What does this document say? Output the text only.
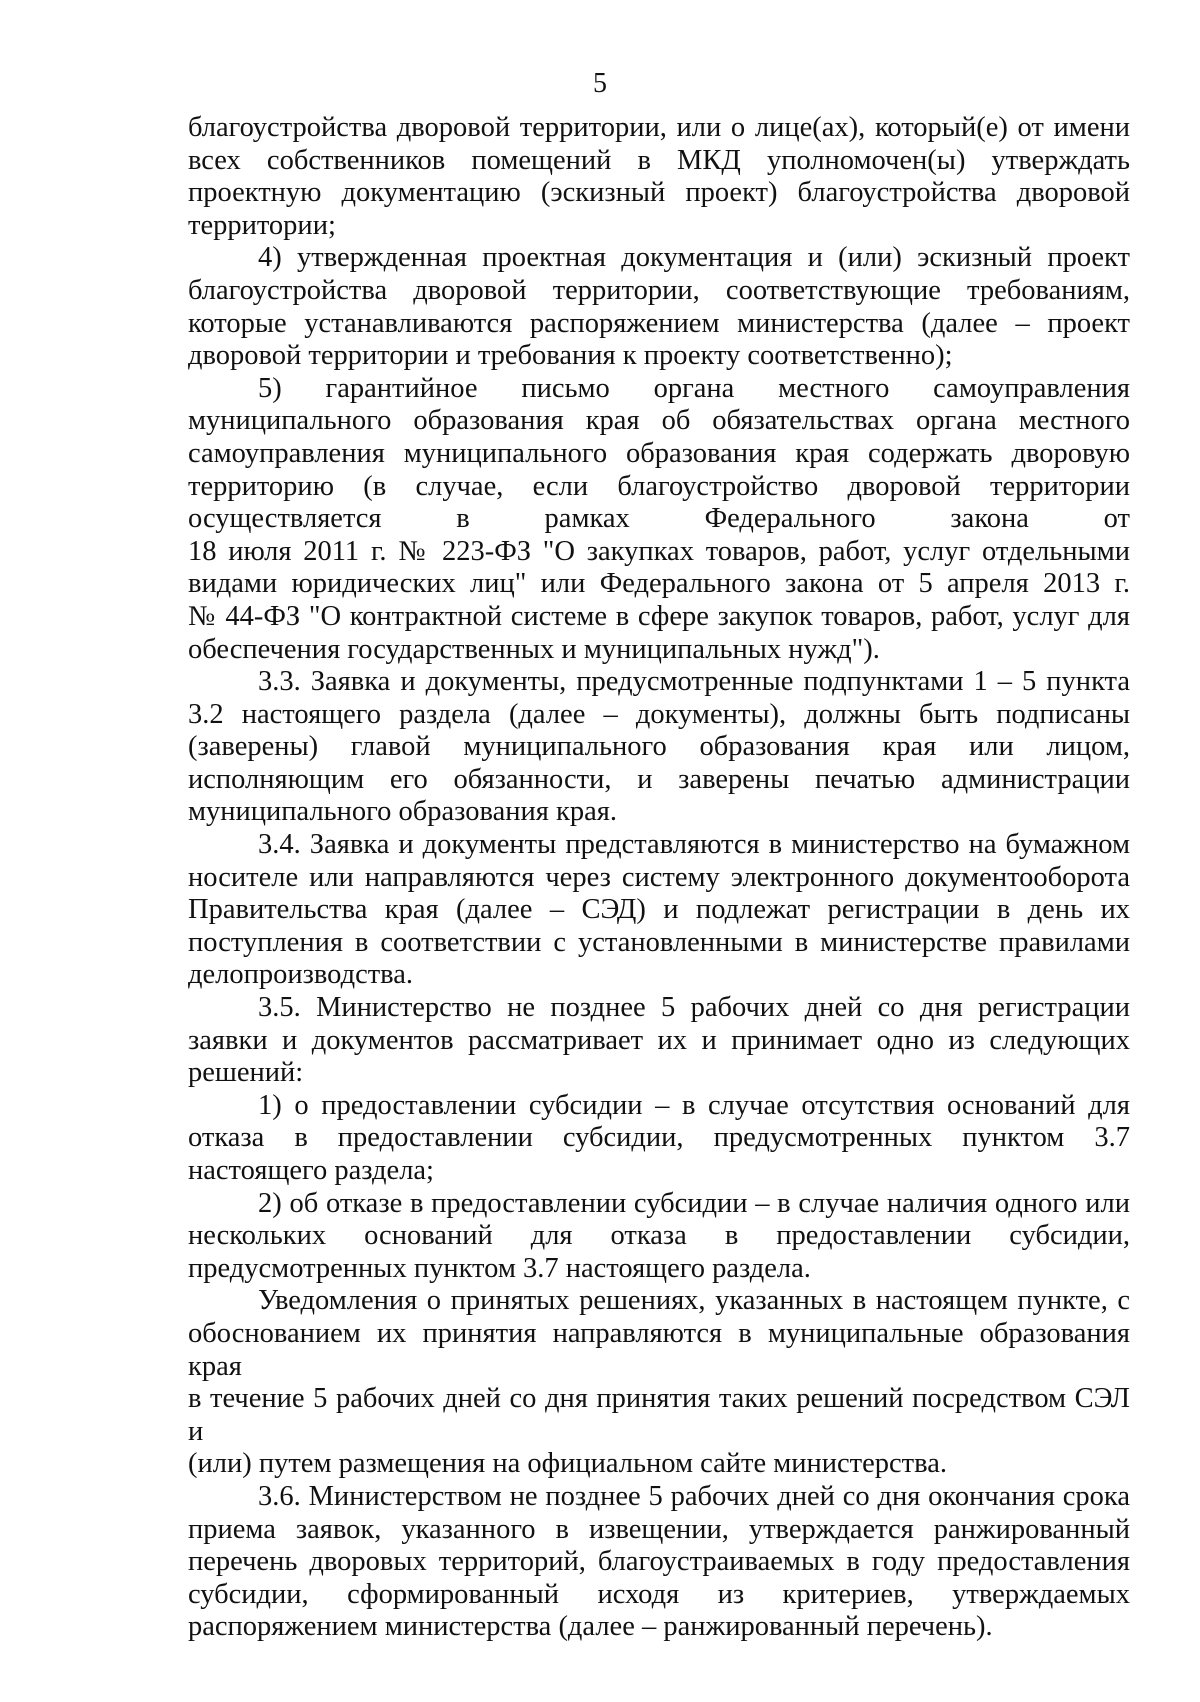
5
благоустройства дворовой территории, или о лице(ах), который(е) от имени
всех собственников помещений в МКД уполномочен(ы) утверждать
проектную документацию (эскизный проект) благоустройства дворовой
территории;
4) утвержденная проектная документация и (или) эскизный проект
благоустройства дворовой территории, соответствующие требованиям,
которые устанавливаются распоряжением министерства (далее – проект
дворовой территории и требования к проекту соответственно);
5) гарантийное письмо органа местного самоуправления
муниципального образования края об обязательствах органа местного
самоуправления муниципального образования края содержать дворовую
территорию (в случае, если благоустройство дворовой территории
осуществляется в рамках Федерального закона от
18 июля 2011 г. № 223-ФЗ "О закупках товаров, работ, услуг отдельными
видами юридических лиц" или Федерального закона от 5 апреля 2013 г.
№ 44-ФЗ "О контрактной системе в сфере закупок товаров, работ, услуг для
обеспечения государственных и муниципальных нужд").
3.3. Заявка и документы, предусмотренные подпунктами 1 – 5 пункта
3.2 настоящего раздела (далее – документы), должны быть подписаны
(заверены) главой муниципального образования края или лицом,
исполняющим его обязанности, и заверены печатью администрации
муниципального образования края.
3.4. Заявка и документы представляются в министерство на бумажном
носителе или направляются через систему электронного документооборота
Правительства края (далее – СЭД) и подлежат регистрации в день их
поступления в соответствии с установленными в министерстве правилами
делопроизводства.
3.5. Министерство не позднее 5 рабочих дней со дня регистрации
заявки и документов рассматривает их и принимает одно из следующих
решений:
1) о предоставлении субсидии – в случае отсутствия оснований для
отказа в предоставлении субсидии, предусмотренных пунктом 3.7
настоящего раздела;
2) об отказе в предоставлении субсидии – в случае наличия одного или
нескольких оснований для отказа в предоставлении субсидии,
предусмотренных пунктом 3.7 настоящего раздела.
Уведомления о принятых решениях, указанных в настоящем пункте, с
обоснованием их принятия направляются в муниципальные образования края
в течение 5 рабочих дней со дня принятия таких решений посредством СЭЛ и
(или) путем размещения на официальном сайте министерства.
3.6. Министерством не позднее 5 рабочих дней со дня окончания срока
приема заявок, указанного в извещении, утверждается ранжированный
перечень дворовых территорий, благоустраиваемых в году предоставления
субсидии, сформированный исходя из критериев, утверждаемых
распоряжением министерства (далее – ранжированный перечень).
